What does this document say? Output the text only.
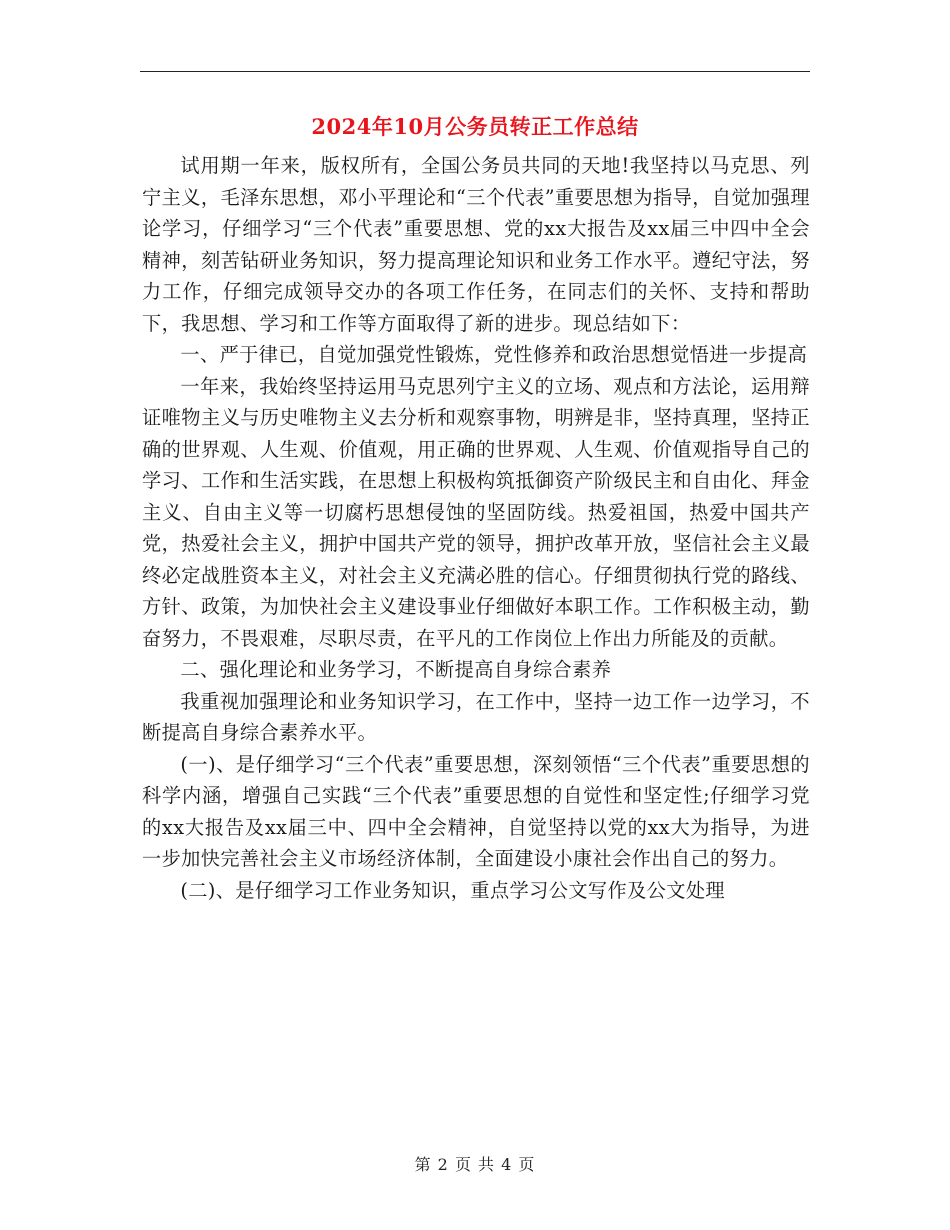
2024年10月公务员转正工作总结

试用期一年来，版权所有，全国公务员共同的天地!我坚持以马克思、列宁主义，毛泽东思想，邓小平理论和“三个代表”重要思想为指导，自觉加强理论学习，仔细学习“三个代表”重要思想、党的xx大报告及xx届三中四中全会精神，刻苦钻研业务知识，努力提高理论知识和业务工作水平。遵纪守法，努力工作，仔细完成领导交办的各项工作任务，在同志们的关怀、支持和帮助下，我思想、学习和工作等方面取得了新的进步。现总结如下：

一、严于律已，自觉加强党性锻炼，党性修养和政治思想觉悟进一步提高

一年来，我始终坚持运用马克思列宁主义的立场、观点和方法论，运用辩证唯物主义与历史唯物主义去分析和观察事物，明辨是非，坚持真理，坚持正确的世界观、人生观、价值观，用正确的世界观、人生观、价值观指导自己的学习、工作和生活实践，在思想上积极构筑抵御资产阶级民主和自由化、拜金主义、自由主义等一切腐朽思想侵蚀的坚固防线。热爱祖国，热爱中国共产党，热爱社会主义，拥护中国共产党的领导，拥护改革开放，坚信社会主义最终必定战胜资本主义，对社会主义充满必胜的信心。仔细贯彻执行党的路线、方针、政策，为加快社会主义建设事业仔细做好本职工作。工作积极主动，勤奋努力，不畏艰难，尽职尽责，在平凡的工作岗位上作出力所能及的贡献。

二、强化理论和业务学习，不断提高自身综合素养

我重视加强理论和业务知识学习，在工作中，坚持一边工作一边学习，不断提高自身综合素养水平。

(一)、是仔细学习“三个代表”重要思想，深刻领悟“三个代表”重要思想的科学内涵，增强自己实践“三个代表”重要思想的自觉性和坚定性;仔细学习党的xx大报告及xx届三中、四中全会精神，自觉坚持以党的xx大为指导，为进一步加快完善社会主义市场经济体制，全面建设小康社会作出自己的努力。

(二)、是仔细学习工作业务知识，重点学习公文写作及公文处理

第 2 页 共 4 页
